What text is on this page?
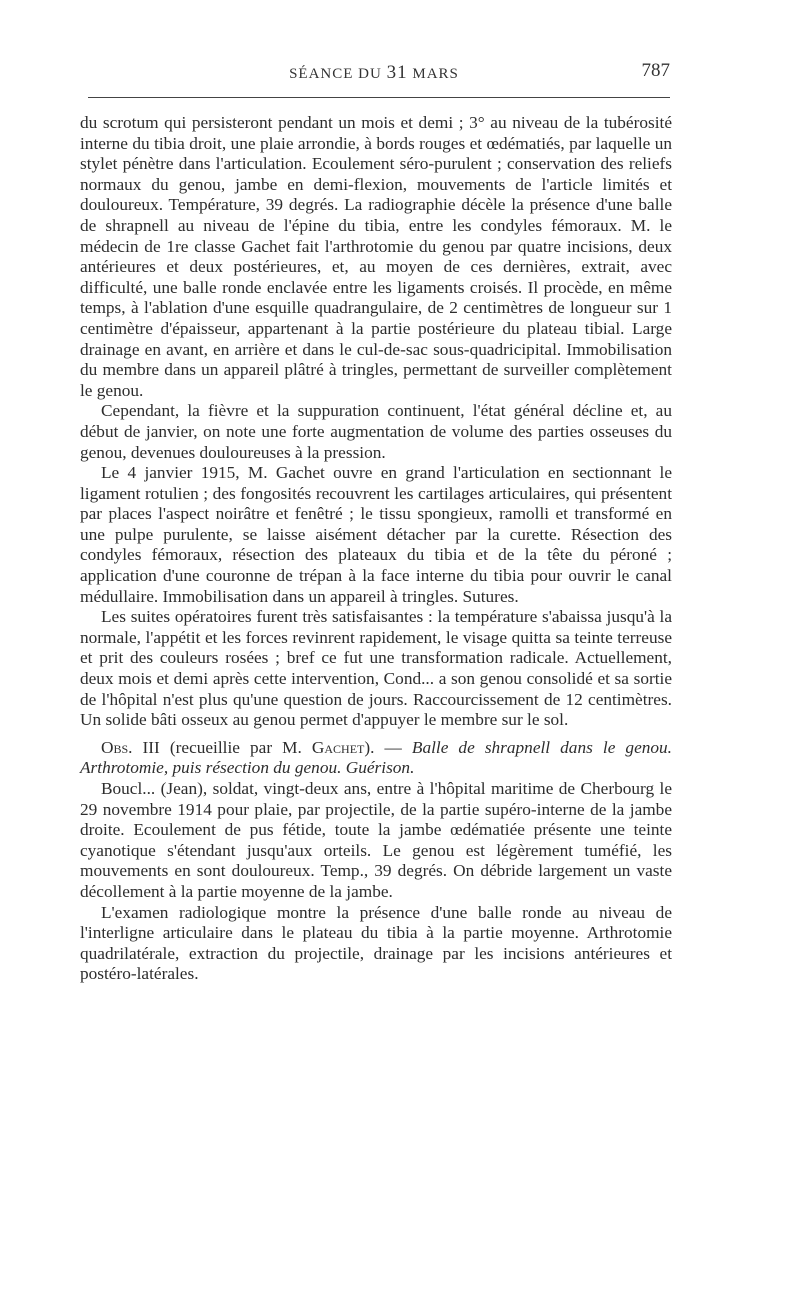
SÉANCE DU 31 MARS	787

du scrotum qui persisteront pendant un mois et demi ; 3° au niveau de la tubérosité interne du tibia droit, une plaie arrondie, à bords rouges et œdématiés, par laquelle un stylet pénètre dans l'articulation. Ecoulement séro-purulent ; conservation des reliefs normaux du genou, jambe en demi-flexion, mouvements de l'article limités et douloureux. Température, 39 degrés. La radiographie décèle la présence d'une balle de shrapnell au niveau de l'épine du tibia, entre les condyles fémoraux. M. le médecin de 1re classe Gachet fait l'arthrotomie du genou par quatre incisions, deux antérieures et deux postérieures, et, au moyen de ces dernières, extrait, avec difficulté, une balle ronde enclavée entre les ligaments croisés. Il procède, en même temps, à l'ablation d'une esquille quadrangulaire, de 2 centimètres de longueur sur 1 centimètre d'épaisseur, appartenant à la partie postérieure du plateau tibial. Large drainage en avant, en arrière et dans le cul-de-sac sous-quadricipital. Immobilisation du membre dans un appareil plâtré à tringles, permettant de surveiller complètement le genou.

Cependant, la fièvre et la suppuration continuent, l'état général décline et, au début de janvier, on note une forte augmentation de volume des parties osseuses du genou, devenues douloureuses à la pression.

Le 4 janvier 1915, M. Gachet ouvre en grand l'articulation en sectionnant le ligament rotulien ; des fongosités recouvrent les cartilages articulaires, qui présentent par places l'aspect noirâtre et fenêtré ; le tissu spongieux, ramolli et transformé en une pulpe purulente, se laisse aisément détacher par la curette. Résection des condyles fémoraux, résection des plateaux du tibia et de la tête du péroné ; application d'une couronne de trépan à la face interne du tibia pour ouvrir le canal médullaire. Immobilisation dans un appareil à tringles. Sutures.

Les suites opératoires furent très satisfaisantes : la température s'abaissa jusqu'à la normale, l'appétit et les forces revinrent rapidement, le visage quitta sa teinte terreuse et prit des couleurs rosées ; bref ce fut une transformation radicale. Actuellement, deux mois et demi après cette intervention, Cond... a son genou consolidé et sa sortie de l'hôpital n'est plus qu'une question de jours. Raccourcissement de 12 centimètres. Un solide bâti osseux au genou permet d'appuyer le membre sur le sol.

Obs. III (recueillie par M. Gachet). — Balle de shrapnell dans le genou. Arthrotomie, puis résection du genou. Guérison.

Boucl... (Jean), soldat, vingt-deux ans, entre à l'hôpital maritime de Cherbourg le 29 novembre 1914 pour plaie, par projectile, de la partie supéro-interne de la jambe droite. Ecoulement de pus fétide, toute la jambe œdématiée présente une teinte cyanotique s'étendant jusqu'aux orteils. Le genou est légèrement tuméfié, les mouvements en sont douloureux. Temp., 39 degrés. On débride largement un vaste décollement à la partie moyenne de la jambe.

L'examen radiologique montre la présence d'une balle ronde au niveau de l'interligne articulaire dans le plateau du tibia à la partie moyenne. Arthrotomie quadrilatérale, extraction du projectile, drainage par les incisions antérieures et postéro-latérales.
